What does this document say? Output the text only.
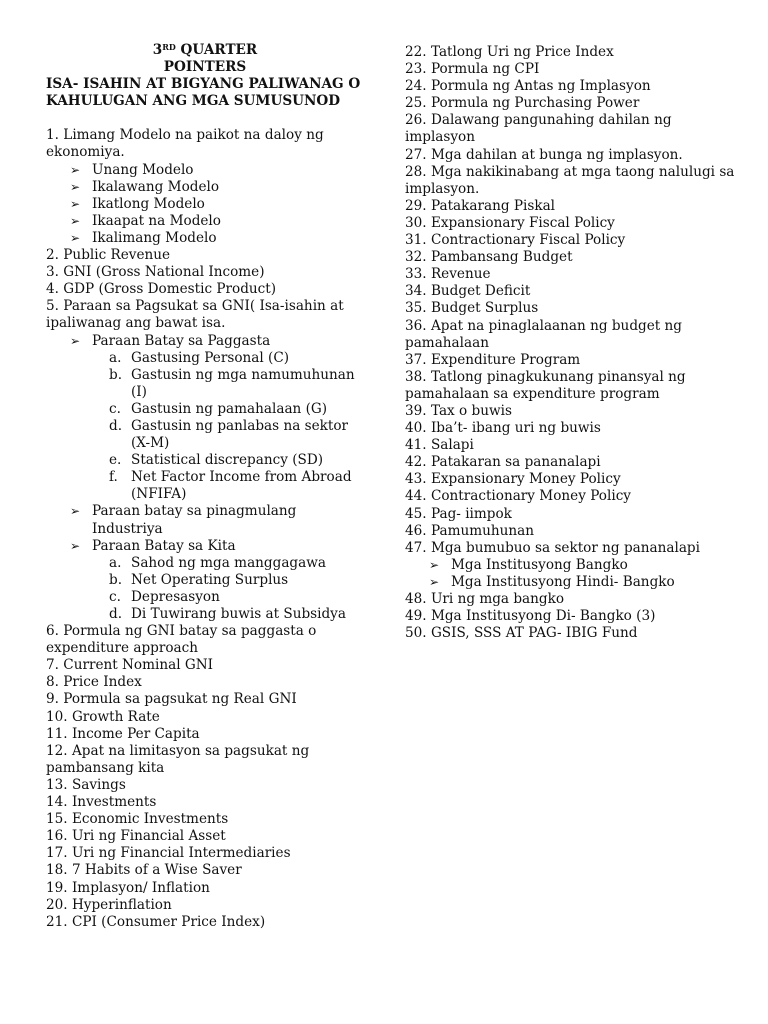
3RD QUARTER

POINTERS

ISA- ISAHIN AT BIGYANG PALIWANAG O KAHULUGAN ANG MGA SUMUSUNOD

1. Limang Modelo na paikot na daloy ng ekonomiya.
➢ Unang Modelo
➢ Ikalawang Modelo
➢ Ikatlong Modelo
➢ Ikaapat na Modelo
➢ Ikalimang Modelo
2. Public Revenue
3. GNI (Gross National Income)
4. GDP (Gross Domestic Product)
5. Paraan sa Pagsukat sa GNI( Isa-isahin at ipaliwanag ang bawat isa.
➢ Paraan Batay sa Paggasta
a. Gastusing Personal (C)
b. Gastusin ng mga namumuhunan (I)
c. Gastusin ng pamahalaan (G)
d. Gastusin ng panlabas na sektor (X-M)
e. Statistical discrepancy (SD)
f. Net Factor Income from Abroad (NFIFA)
➢ Paraan batay sa pinagmulang Industriya
➢ Paraan Batay sa Kita
a. Sahod ng mga manggagawa
b. Net Operating Surplus
c. Depresasyon
d. Di Tuwirang buwis at Subsidya
6. Pormula ng GNI batay sa paggasta o expenditure approach
7. Current Nominal GNI
8. Price Index
9. Pormula sa pagsukat ng Real GNI
10. Growth Rate
11. Income Per Capita
12. Apat na limitasyon sa pagsukat ng pambansang kita
13. Savings
14. Investments
15. Economic Investments
16. Uri ng Financial Asset
17. Uri ng Financial Intermediaries
18. 7 Habits of a Wise Saver
19. Implasyon/ Inflation
20. Hyperinflation
21. CPI (Consumer Price Index)
22. Tatlong Uri ng Price Index
23. Pormula ng CPI
24. Pormula ng Antas ng Implasyon
25. Pormula ng Purchasing Power
26. Dalawang pangunahing dahilan ng implasyon
27. Mga dahilan at bunga ng implasyon.
28. Mga nakikinabang at mga taong nalulugi sa implasyon.
29. Patakarang Piskal
30. Expansionary Fiscal Policy
31. Contractionary Fiscal Policy
32. Pambansang Budget
33. Revenue
34. Budget Deficit
35. Budget Surplus
36. Apat na pinaglalaanan ng budget ng pamahalaan
37. Expenditure Program
38. Tatlong pinagkukunang pinansyal ng pamahalaan sa expenditure program
39. Tax o buwis
40. Iba’t- ibang uri ng buwis
41. Salapi
42. Patakaran sa pananalapi
43. Expansionary Money Policy
44. Contractionary Money Policy
45. Pag- iimpok
46. Pamumuhunan
47. Mga bumubuo sa sektor ng pananalapi
➢ Mga Institusyong Bangko
➢ Mga Institusyong Hindi- Bangko
48. Uri ng mga bangko
49. Mga Institusyong Di- Bangko (3)
50. GSIS, SSS AT PAG- IBIG Fund
